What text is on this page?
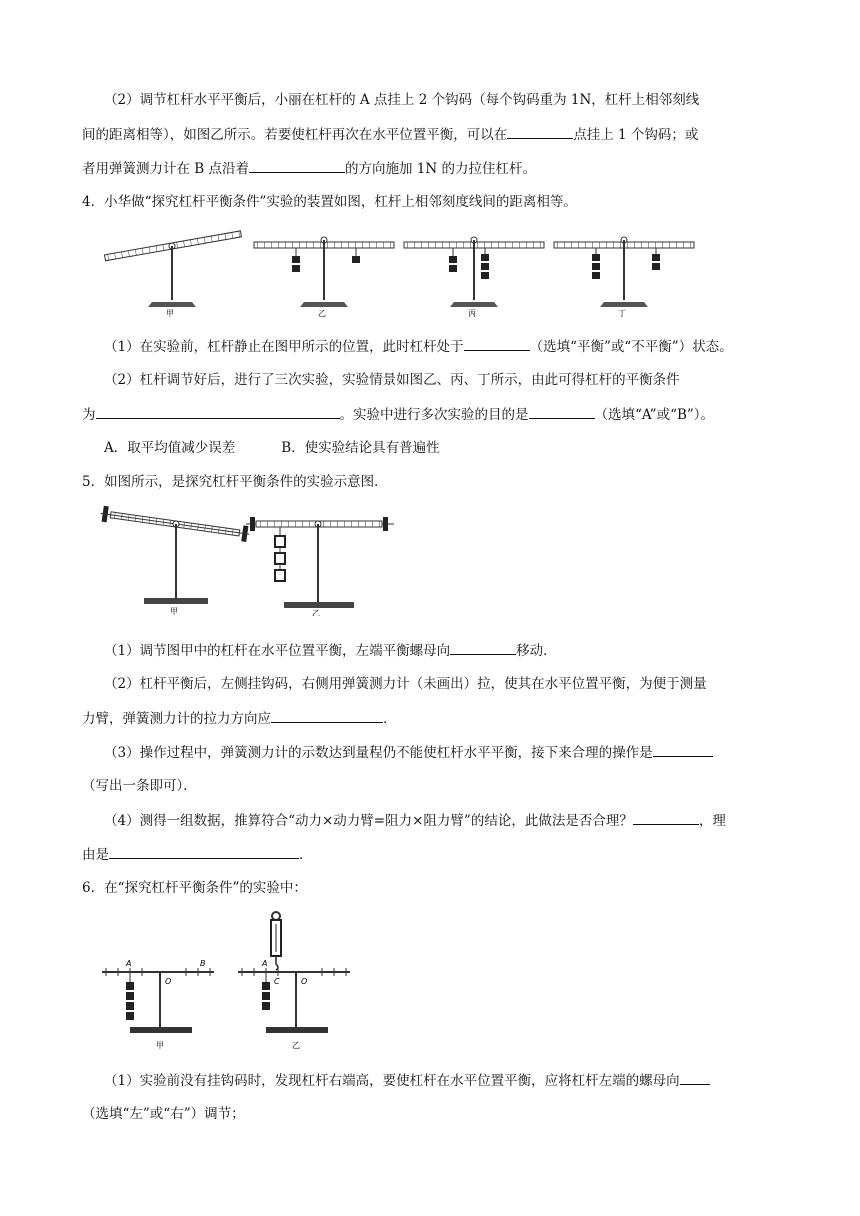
（2）调节杠杆水平平衡后，小丽在杠杆的 A 点挂上 2 个钩码（每个钩码重为 1N，杠杆上相邻刻线
间的距离相等），如图乙所示。若要使杠杆再次在水平位置平衡，可以在	点挂上 1 个钩码；或
者用弹簧测力计在 B 点沿着	的方向施加 1N 的力拉住杠杆。
4．小华做“探究杠杆平衡条件”实验的装置如图，杠杆上相邻刻度线间的距离相等。
甲	乙	丙	丁
（1）在实验前，杠杆静止在图甲所示的位置，此时杠杆处于	（选填“平衡”或“不平衡”）状态。
（2）杠杆调节好后，进行了三次实验，实验情景如图乙、丙、丁所示，由此可得杠杆的平衡条件
为	。实验中进行多次实验的目的是	（选填“A”或“B”）。
A．取平均值减少误差	B．使实验结论具有普遍性
5．如图所示，是探究杠杆平衡条件的实验示意图．
甲	乙
（1）调节图甲中的杠杆在水平位置平衡，左端平衡螺母向	移动．
（2）杠杆平衡后，左侧挂钩码，右侧用弹簧测力计（未画出）拉，使其在水平位置平衡，为便于测量
力臂，弹簧测力计的拉力方向应	．
（3）操作过程中，弹簧测力计的示数达到量程仍不能使杠杆水平平衡，接下来合理的操作是
（写出一条即可）．
（4）测得一组数据，推算符合“动力×动力臂=阻力×阻力臂”的结论，此做法是否合理？	，理
由是	．
6．在“探究杠杆平衡条件”的实验中：
A
O
B
甲
A
C	O
乙
（1）实验前没有挂钩码时，发现杠杆右端高，要使杠杆在水平位置平衡，应将杠杆左端的螺母向
（选填“左”或“右”）调节；
